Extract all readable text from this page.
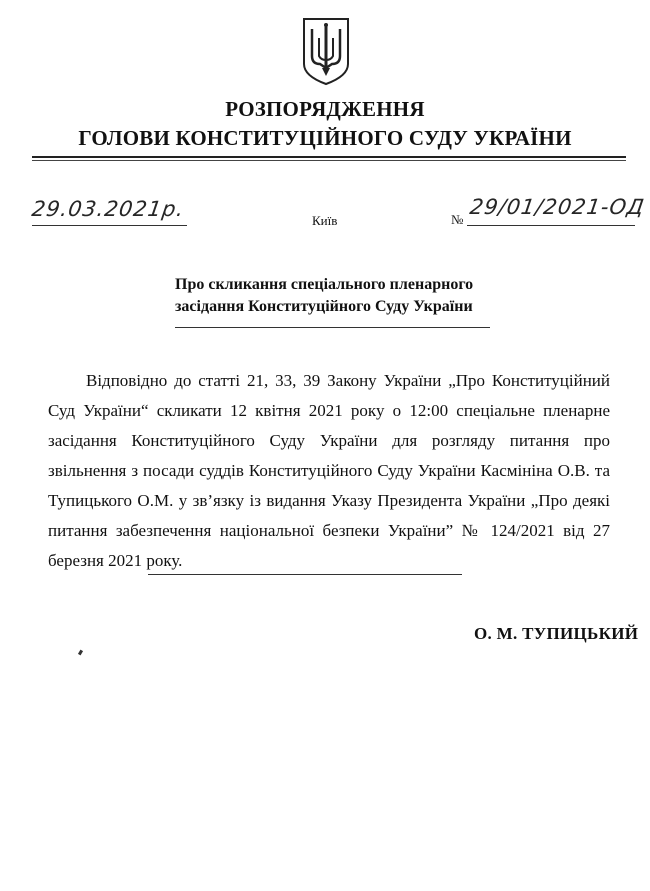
РОЗПОРЯДЖЕННЯ
ГОЛОВИ КОНСТИТУЦІЙНОГО СУДУ УКРАЇНИ
29.03.2021р.	Київ	№
29/01/2021-ОД
Про скликання спеціального пленарного
засідання Конституційного Суду України
Відповідно до статті 21, 33, 39 Закону України „Про Конституційний Суд України“ скликати 12 квітня 2021 року о 12:00 спеціальне пленарне засідання Конституційного Суду України для розгляду питання про звільнення з посади суддів Конституційного Суду України Касмініна О.В. та Тупицького О.М. у зв’язку із видання Указу Президента України „Про деякі питання забезпечення національної безпеки України” № 124/2021 від 27 березня 2021 року.
О. М. ТУПИЦЬКИЙ
